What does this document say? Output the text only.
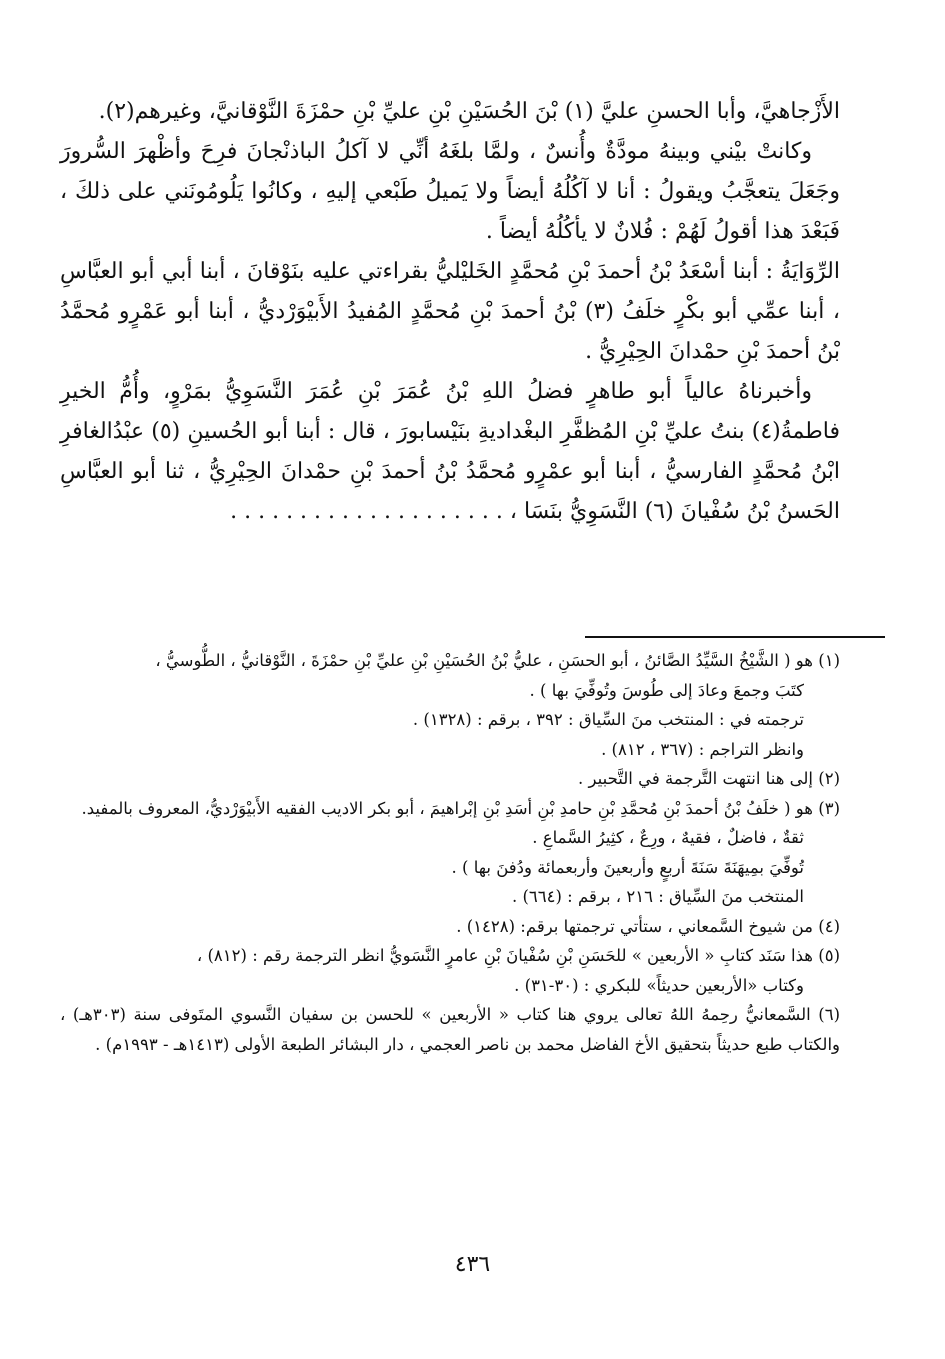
الأَزْجاهيَّ، وأبا الحسنِ عليَّ (١) بْنَ الحُسَيْنِ بْنِ عليِّ بْنِ حمْزَةَ النَّوْقانيَّ، وغيرهم(٢).

وكانتْ بيْني وبينهُ مودَّةٌ وأُنسٌ ، ولمَّا بلغَهُ أنِّي لا آكلُ الباذنْجانَ فرِحَ وأظْهرَ السُّرورَ وجَعَلَ يتعجَّبُ ويقولُ : أنا لا آكُلُهُ أيضاً ولا يَميلُ طَبْعي إليهِ ، وكانُوا يَلُومُونَني على ذلكَ ، فَبَعْدَ هذا أقولُ لَهُمْ : فُلانٌ لا يأكُلُهُ أيضاً .

الرِّوَايَةُ : أبنا أسْعَدُ بْنُ أحمدَ بْنِ مُحمَّدٍ الخَليْليُّ بقراءتي عليه بنَوْقانَ ، أبنا أبي أبو العبَّاسِ ، أبنا عمِّي أبو بكْرٍ خلَفُ (٣) بْنُ أحمدَ بْنِ مُحمَّدٍ المُفيدُ الأَبيْوَرْديُّ ، أبنا أبو عَمْرٍو مُحمَّدُ بْنُ أحمدَ بْنِ حمْدانَ الحِيْرِيُّ .

وأخبرناهُ عالياً أبو طاهرٍ فضلُ اللهِ بْنُ عُمَرَ بْنِ عُمَرَ النَّسَوِيُّ بمَرْوٍ، وأُمُّ الخيرِ فاطمةُ(٤) بنتُ عليِّ بْنِ المُظفَّرِ البغْداديةِ بنَيْسابورَ ، قال : أبنا أبو الحُسينِ (٥) عبْدُالغافرِ ابْنُ مُحمَّدٍ الفارسيُّ ، أبنا أبو عمْرٍو مُحمَّدُ بْنُ أحمدَ بْنِ حمْدانَ الحِيْرِيُّ ، ثنا أبو العبَّاسِ الحَسنُ بْنُ سُفْيانَ (٦) النَّسَوِيُّ بنَسَا ، . . . . . . . . . . . . . . . . . . . .

(١) هو ( الشَّيْخُ السَّيِّدُ الصَّائنُ ، أبو الحسَنِ ، عليُّ بْنُ الحُسَيْنِ بْنِ عليِّ بْنِ حمْزَةَ ، النَّوْقانيُّ ، الطُّوسيُّ ،

كتَبَ وجمعَ وعادَ إلى طُوسَ وتُوفِّيَ بها ) .

ترجمته في : المنتخب منَ السِّياق : ٣٩٢ ، برقم : (١٣٢٨) .

وانظر التراجم : (٣٦٧ ، ٨١٢) .

(٢) إلى هنا انتهت التَّرجمة في التَّحبير .

(٣) هو ( خلَفُ بْنُ أحمدَ بْنِ مُحمَّدِ بْنِ حامدِ بْنِ أسَدِ بْنِ إبْراهيمَ ، أبو بكر الاديب الفقيه الأَبيْوَرْديُّ، المعروف بالمفيد.

ثقةٌ ، فاضلٌ ، فقيهٌ ، ورِعٌ ، كثِيرُ السَّماعِ .

تُوفِّيَ بمِيهَنَةَ سَنَةَ أربعٍ وأربعينَ وأربعمائة ودُفنَ بها ) .

المنتخب منَ السِّياق : ٢١٦ ، برقم : (٦٦٤) .

(٤) من شيوخ السَّمعاني ، ستأتي ترجمتها برقم: (١٤٢٨) .

(٥) هذا سَنَد كتابِ « الأربعين » للحَسَنِ بْنِ سُفْيانَ بْنِ عامرٍ النَّسَويُّ انظر الترجمة رقم : (٨١٢) ،

وكتاب «الأربعين حديثاً» للبكري : (٣٠-٣١) .

(٦) السَّمعانيُّ رحِمهُ اللهُ تعالى يروي هنا كتاب « الأربعين » للحسن بن سفيان النَّسوي المتَوفى سنة (٣٠٣هـ) ، والكتاب طبع حديثاً بتحقيق الأخ الفاضل محمد بن ناصر العجمي ، دار البشائر الطبعة الأولى (١٤١٣هـ - ١٩٩٣م) .

٤٣٦
